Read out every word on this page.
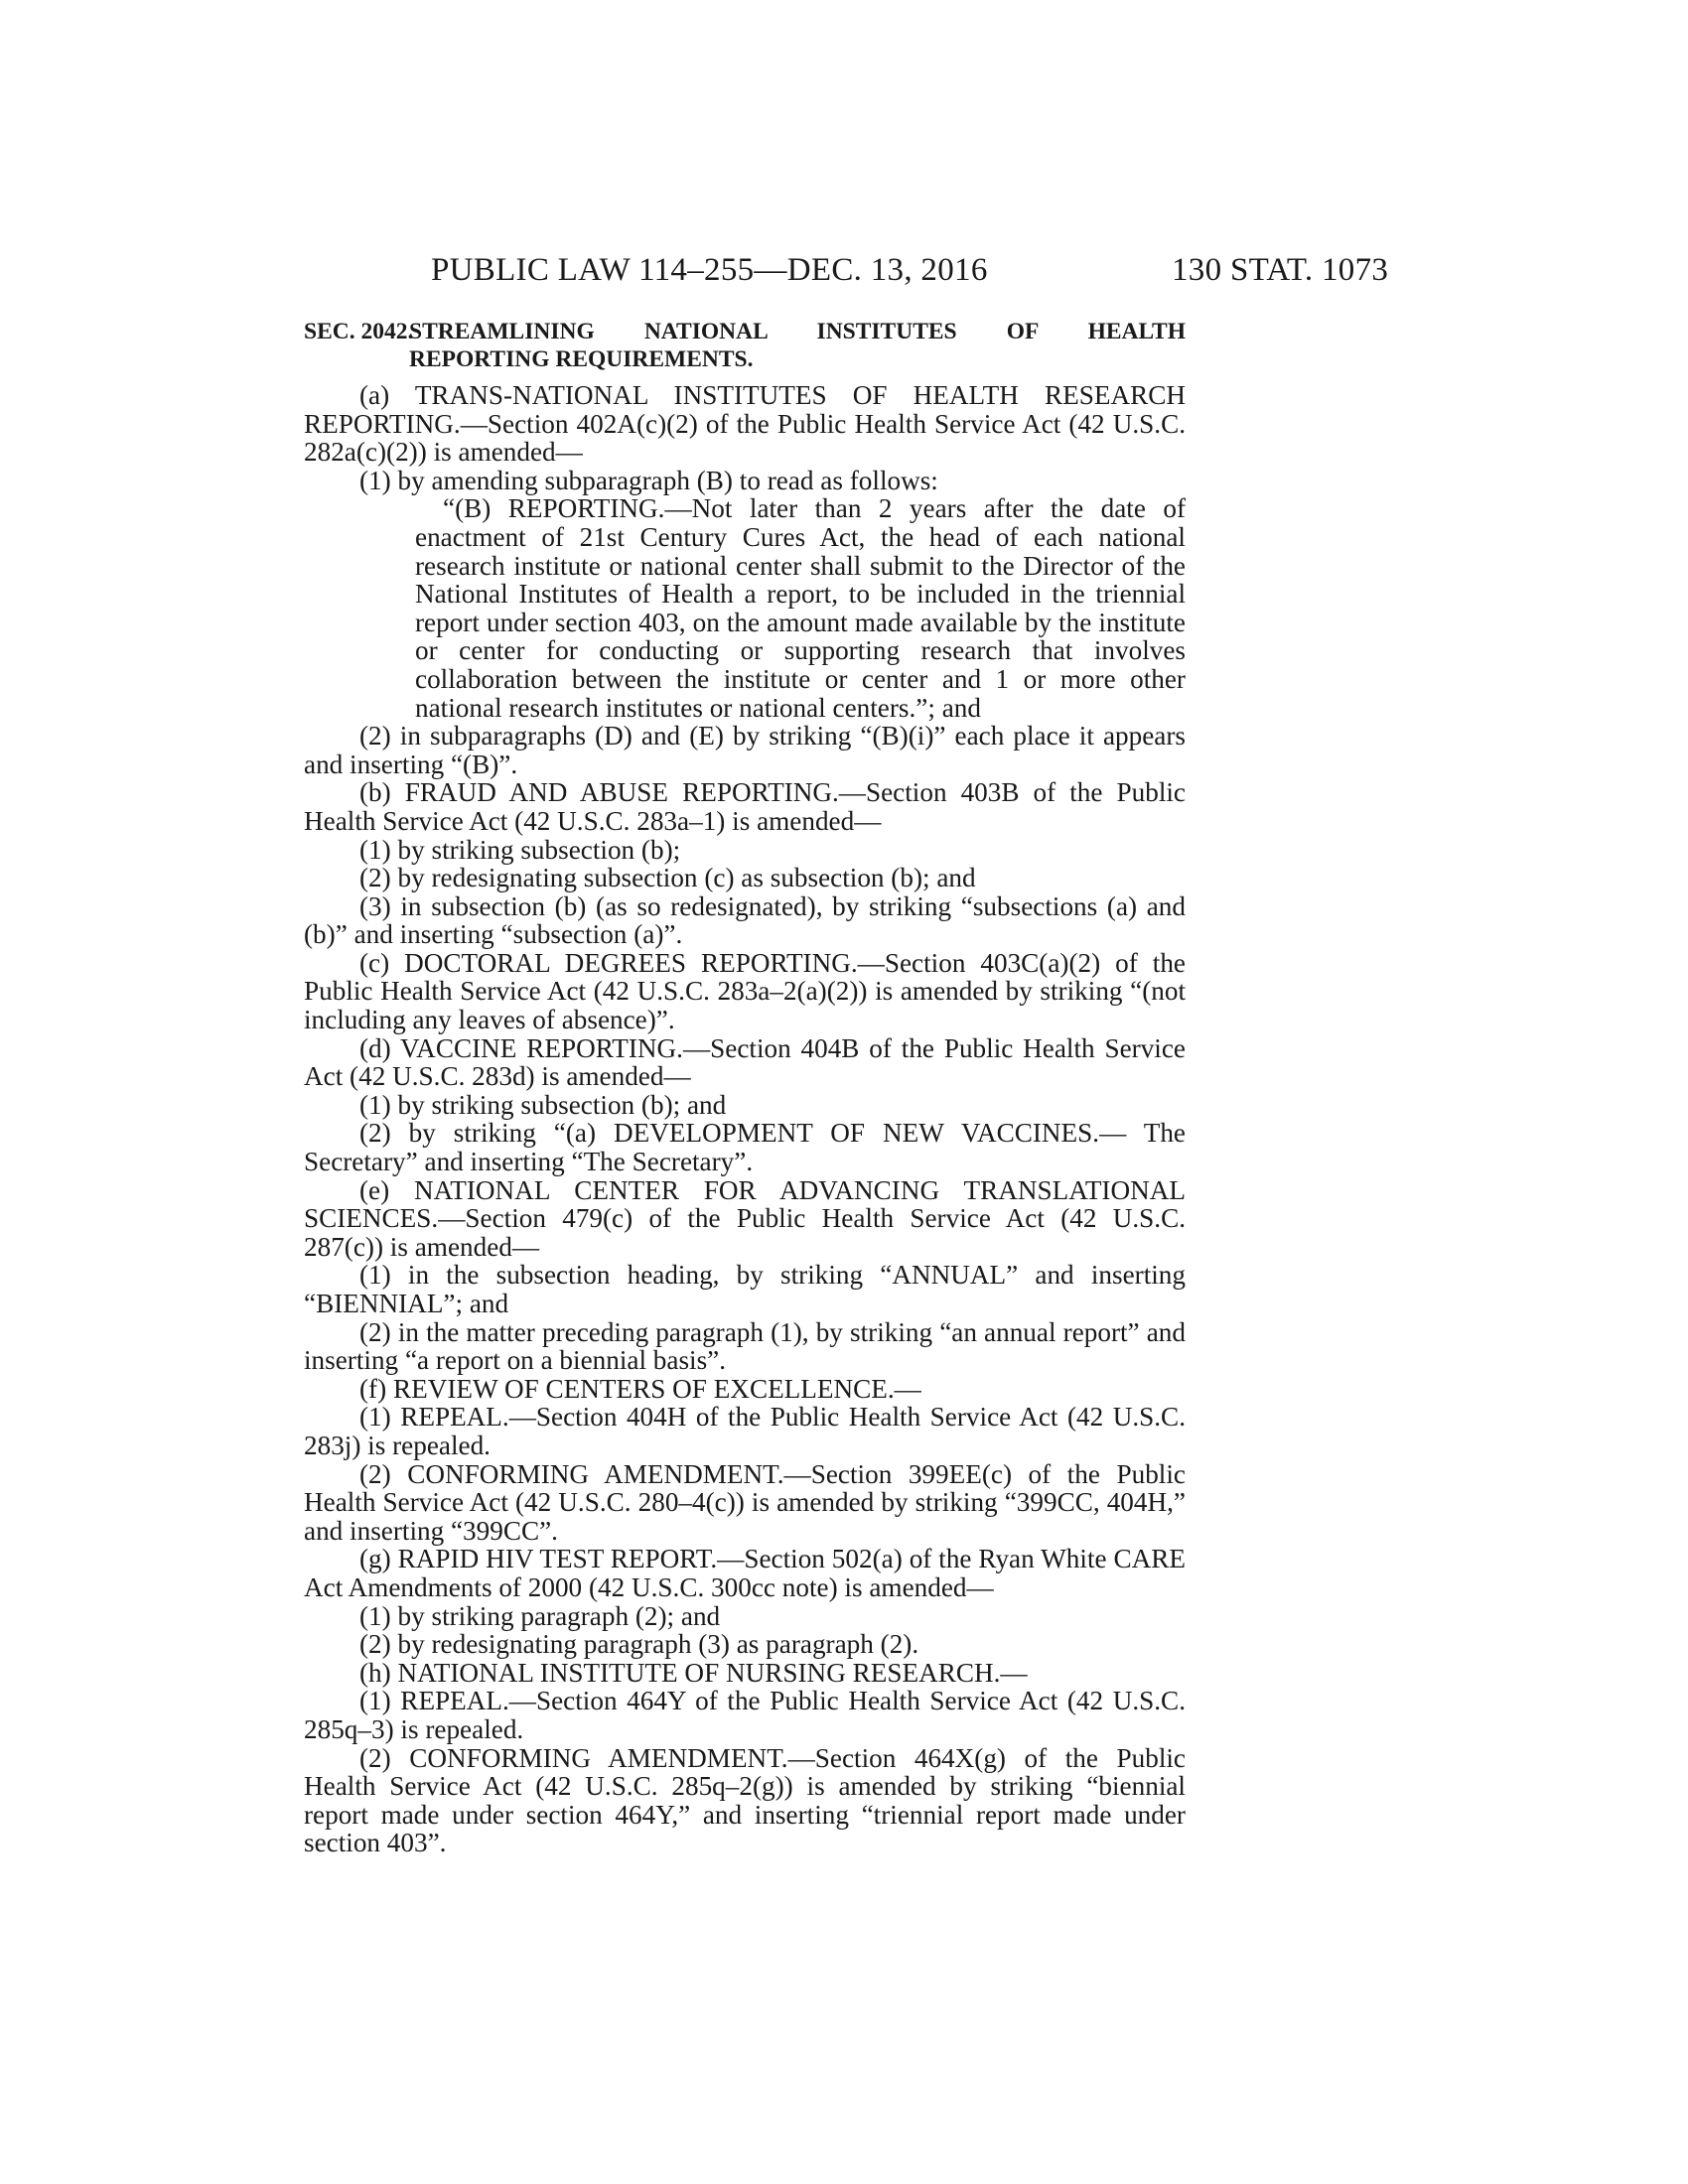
PUBLIC LAW 114–255—DEC. 13, 2016	130 STAT. 1073
SEC. 2042.
STREAMLINING NATIONAL INSTITUTES OF HEALTH
REPORTING REQUIREMENTS.

(a) TRANS-NATIONAL INSTITUTES OF HEALTH RESEARCH REPORTING.—Section 402A(c)(2) of the Public Health Service Act (42 U.S.C. 282a(c)(2)) is amended—

(1) by amending subparagraph (B) to read as follows:

“(B) REPORTING.—Not later than 2 years after the date of enactment of 21st Century Cures Act, the head of each national research institute or national center shall submit to the Director of the National Institutes of Health a report, to be included in the triennial report under section 403, on the amount made available by the institute or center for conducting or supporting research that involves collaboration between the institute or center and 1 or more other national research institutes or national centers.”; and

(2) in subparagraphs (D) and (E) by striking “(B)(i)” each place it appears and inserting “(B)”.

(b) FRAUD AND ABUSE REPORTING.—Section 403B of the Public Health Service Act (42 U.S.C. 283a–1) is amended—

(1) by striking subsection (b);

(2) by redesignating subsection (c) as subsection (b); and

(3) in subsection (b) (as so redesignated), by striking “subsections (a) and (b)” and inserting “subsection (a)”.

(c) DOCTORAL DEGREES REPORTING.—Section 403C(a)(2) of the Public Health Service Act (42 U.S.C. 283a–2(a)(2)) is amended by striking “(not including any leaves of absence)”.

(d) VACCINE REPORTING.—Section 404B of the Public Health Service Act (42 U.S.C. 283d) is amended—

(1) by striking subsection (b); and

(2) by striking “(a) DEVELOPMENT OF NEW VACCINES.— The Secretary” and inserting “The Secretary”.

(e) NATIONAL CENTER FOR ADVANCING TRANSLATIONAL SCIENCES.—Section 479(c) of the Public Health Service Act (42 U.S.C. 287(c)) is amended—

(1) in the subsection heading, by striking “ANNUAL” and inserting “BIENNIAL”; and

(2) in the matter preceding paragraph (1), by striking “an annual report” and inserting “a report on a biennial basis”.

(f) REVIEW OF CENTERS OF EXCELLENCE.—

(1) REPEAL.—Section 404H of the Public Health Service Act (42 U.S.C. 283j) is repealed.

(2) CONFORMING AMENDMENT.—Section 399EE(c) of the Public Health Service Act (42 U.S.C. 280–4(c)) is amended by striking “399CC, 404H,” and inserting “399CC”.

(g) RAPID HIV TEST REPORT.—Section 502(a) of the Ryan White CARE Act Amendments of 2000 (42 U.S.C. 300cc note) is amended—

(1) by striking paragraph (2); and

(2) by redesignating paragraph (3) as paragraph (2).

(h) NATIONAL INSTITUTE OF NURSING RESEARCH.—

(1) REPEAL.—Section 464Y of the Public Health Service Act (42 U.S.C. 285q–3) is repealed.

(2) CONFORMING AMENDMENT.—Section 464X(g) of the Public Health Service Act (42 U.S.C. 285q–2(g)) is amended by striking “biennial report made under section 464Y,” and inserting “triennial report made under section 403”.
